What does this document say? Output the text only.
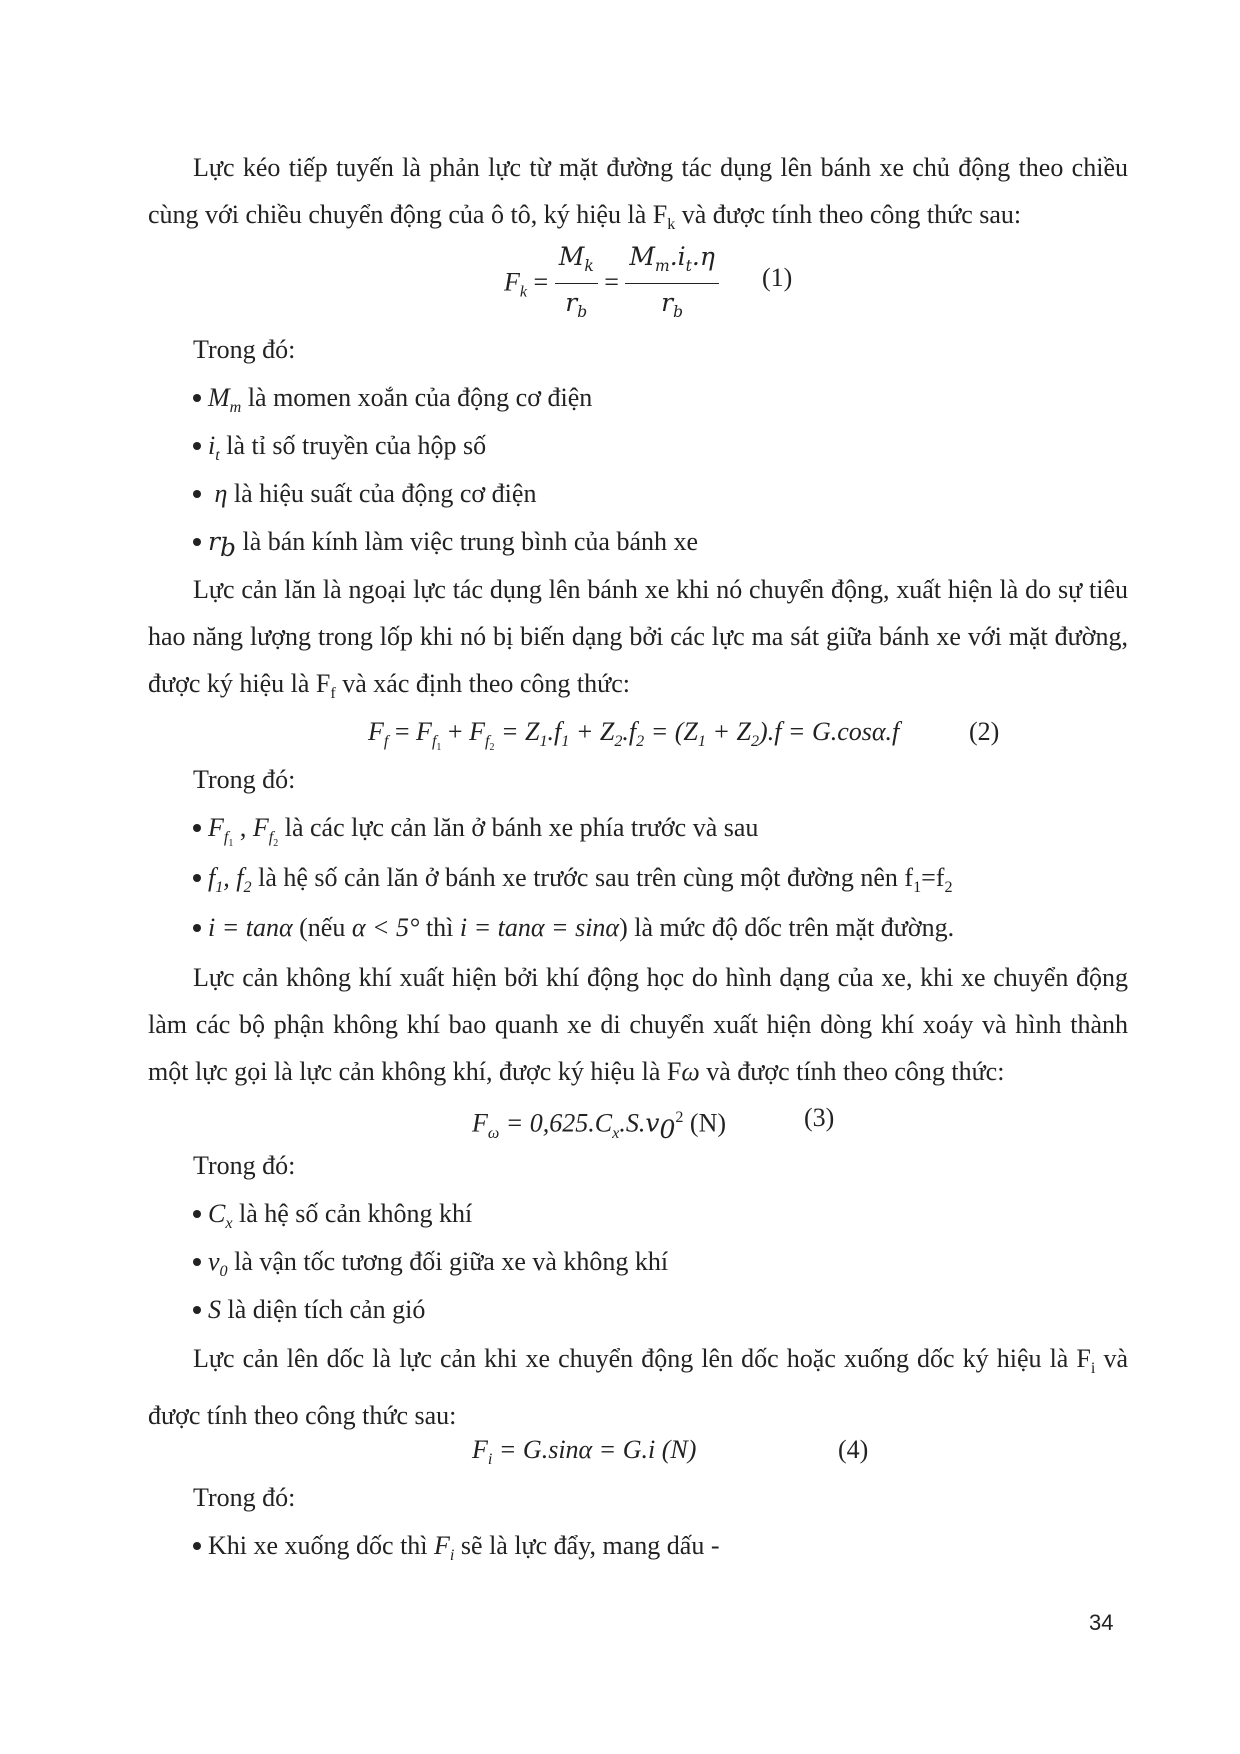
Lực kéo tiếp tuyến là phản lực từ mặt đường tác dụng lên bánh xe chủ động theo chiều cùng với chiều chuyển động của ô tô, ký hiệu là $F_k$ và được tính theo công thức sau:

$F_k = \frac{M_k}{r_b} = \frac{M_m.i_t.\eta}{r_b} (1)$

Trong đó:

$M_m$ là momen xoắn của động cơ điện
$i_t$ là tỉ số truyền của hộp số
η là hiệu suất của động cơ điện
$r_b$ là bán kính làm việc trung bình của bánh xe

Lực cản lăn là ngoại lực tác dụng lên bánh xe khi nó chuyển động, xuất hiện là do sự tiêu hao năng lượng trong lốp khi nó bị biến dạng bởi các lực ma sát giữa bánh xe với mặt đường, được ký hiệu là $F_f$ và xác định theo công thức:

$F_f = F_{f_1} + F_{f_2} = Z_1.f_1 + Z_2.f_2 = (Z_1 + Z_2).f = G.\cos\alpha.f$	(2)

Trong đó:

$F_{f_1}$ , $F_{f_2}$ là các lực cản lăn ở bánh xe phía trước và sau
$f_1$, $f_2$ là hệ số cản lăn ở bánh xe trước sau trên cùng một đường nên $f_1=f_2$
i = tanα (nếu α < 5° thì i = tanα = sinα) là mức độ dốc trên mặt đường.

Lực cản không khí xuất hiện bởi khí động học do hình dạng của xe, khi xe chuyển động làm các bộ phận không khí bao quanh xe di chuyển xuất hiện dòng khí xoáy và hình thành một lực gọi là lực cản không khí, được ký hiệu là Fω và được tính theo công thức:

$F_\omega = 0,625.C_x.S.v_0^2$ (N)	(3)

Trong đó:

$C_x$ là hệ số cản không khí
$v_0$ là vận tốc tương đối giữa xe và không khí
S là diện tích cản gió

Lực cản lên dốc là lực cản khi xe chuyển động lên dốc hoặc xuống dốc ký hiệu là $F_i$ và được tính theo công thức sau:

$F_i = G.\sin\alpha = G.i$ (N)	(4)

Trong đó:

Khi xe xuống dốc thì $F_i$ sẽ là lực đẩy, mang dấu -
34
